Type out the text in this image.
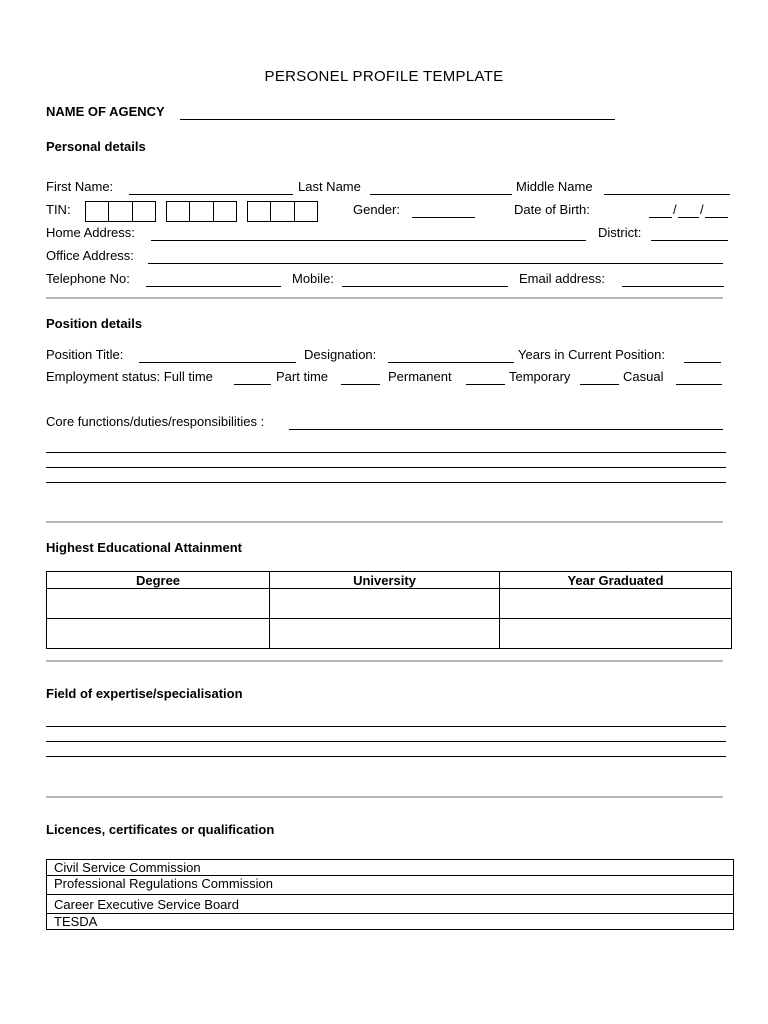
PERSONEL PROFILE TEMPLATE
NAME OF AGENCY
Personal details
First Name:	Last Name	Middle Name
TIN:	Gender:	Date of Birth:	/ /
Home Address:	District:
Office Address:
Telephone No:	Mobile:	Email address:
Position details
Position Title:	Designation:	Years in Current Position:
Employment status: Full time	Part time	Permanent	Temporary	Casual
Core functions/duties/responsibilities :
Highest Educational Attainment
Degree	University	Year Graduated

Field of expertise/specialisation
Licences, certificates or qualification
Civil Service Commission
Professional Regulations Commission
Career Executive Service Board
TESDA
